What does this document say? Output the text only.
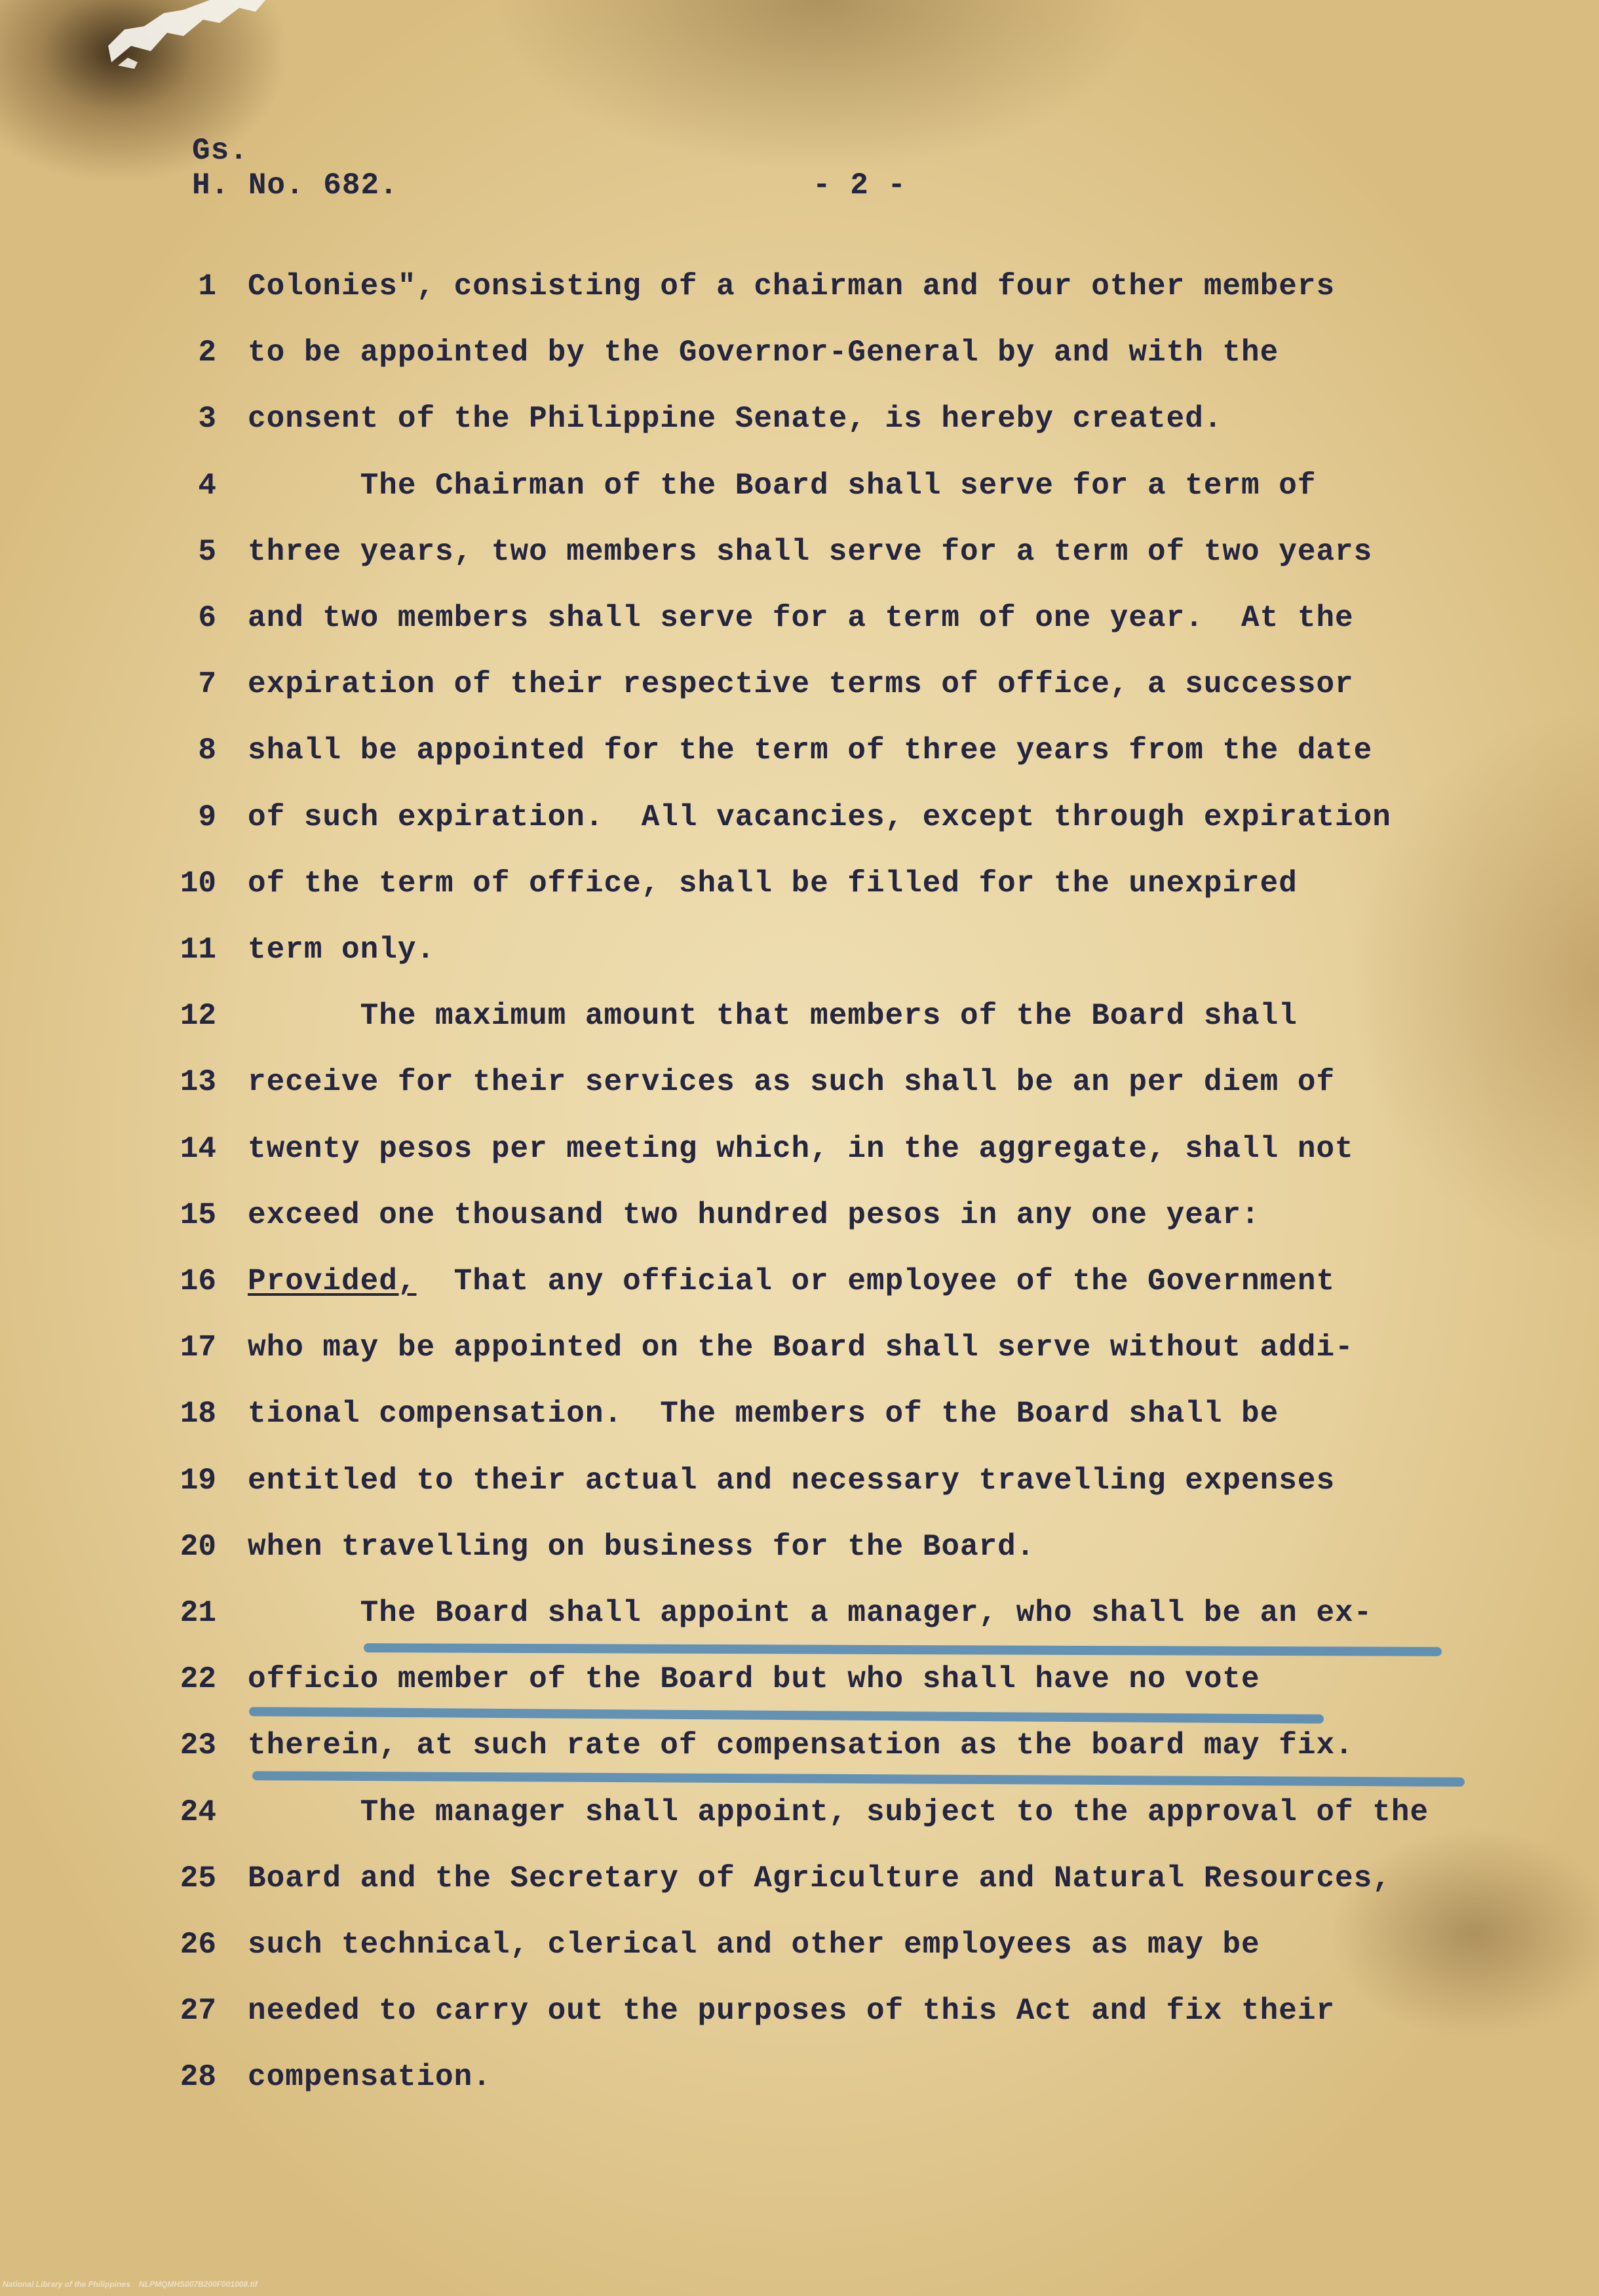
Gs.
H. No. 682.	- 2 -
1 Colonies", consisting of a chairman and four other members
2 to be appointed by the Governor-General by and with the
3 consent of the Philippine Senate, is hereby created.
4 The Chairman of the Board shall serve for a term of
5 three years, two members shall serve for a term of two years
6 and two members shall serve for a term of one year.  At the
7 expiration of their respective terms of office, a successor
8 shall be appointed for the term of three years from the date
9 of such expiration.  All vacancies, except through expiration
10 of the term of office, shall be filled for the unexpired
11 term only.
12 The maximum amount that members of the Board shall
13 receive for their services as such shall be an per diem of
14 twenty pesos per meeting which, in the aggregate, shall not
15 exceed one thousand two hundred pesos in any one year:
16 Provided,  That any official or employee of the Government
17 who may be appointed on the Board shall serve without addi-
18 tional compensation.  The members of the Board shall be
19 entitled to their actual and necessary travelling expenses
20 when travelling on business for the Board.
21 The Board shall appoint a manager, who shall be an ex-
22 officio member of the Board but who shall have no vote
23 therein, at such rate of compensation as the board may fix.
24 The manager shall appoint, subject to the approval of the
25 Board and the Secretary of Agriculture and Natural Resources,
26 such technical, clerical and other employees as may be
27 needed to carry out the purposes of this Act and fix their
28 compensation.
National Library of the Philippines    NLPMQMHS007B200F001008.tif
